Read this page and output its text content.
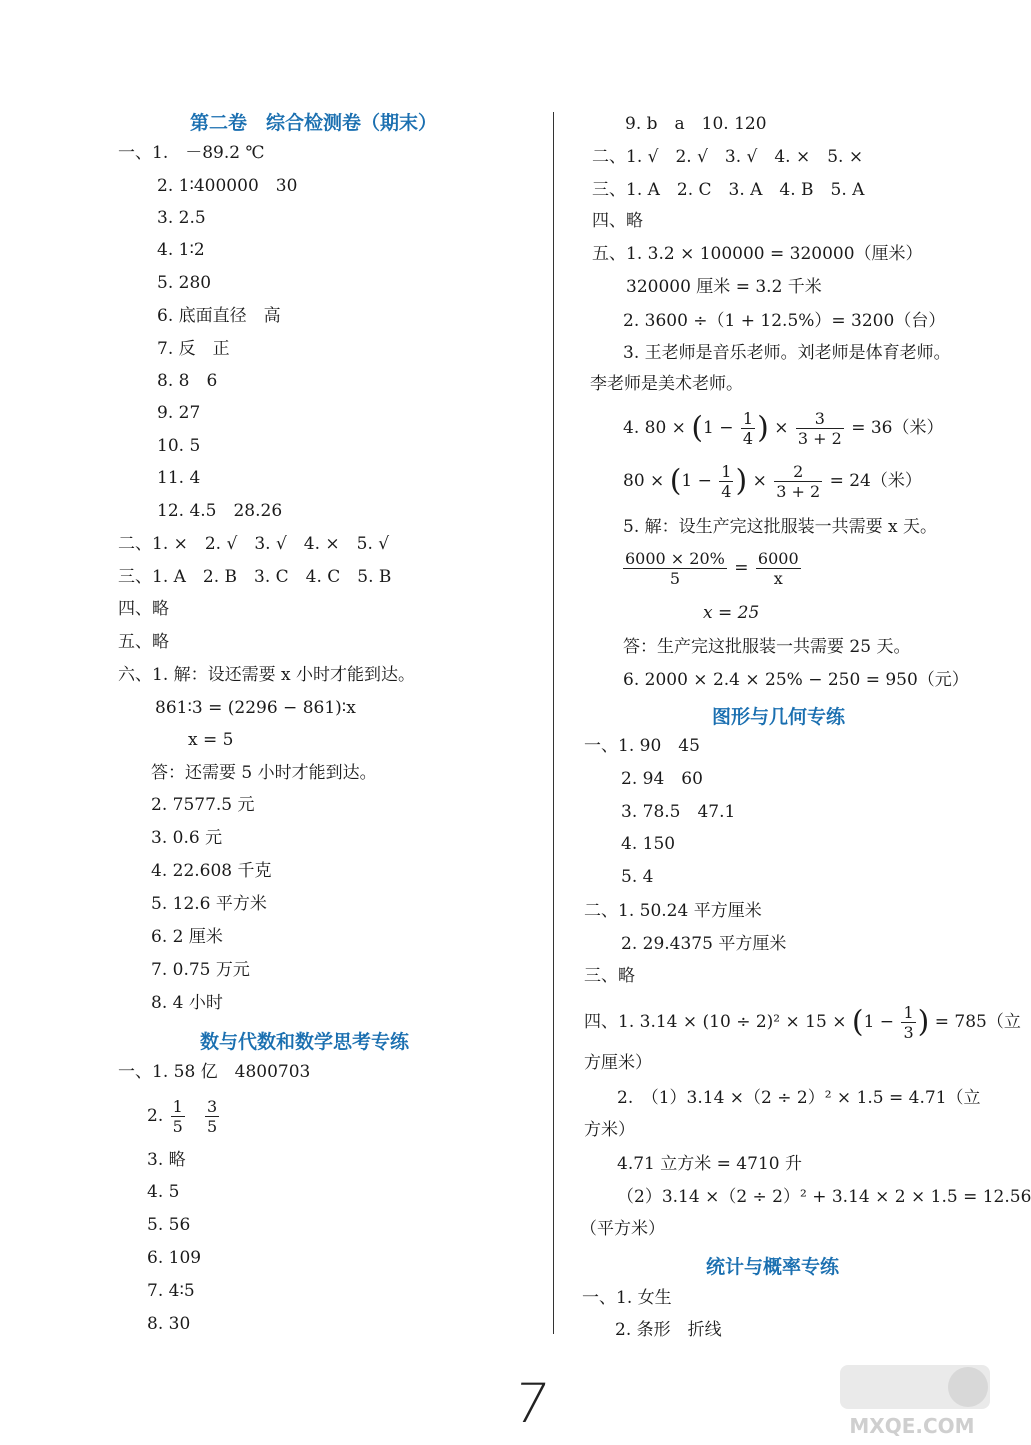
第二卷　综合检测卷（期末）
一、1.　－89.2 ℃
2. 1∶400000　30
3. 2.5
4. 1∶2
5. 280
6. 底面直径　高
7. 反　正
8. 8　6
9. 27
10. 5
11. 4
12. 4.5　28.26
二、1. ×　2. √　3. √　4. ×　5. √
三、1. A　2. B　3. C　4. C　5. B
四、略
五、略
六、1. 解：设还需要 x 小时才能到达。
861∶3 = (2296 − 861)∶x
x = 5
答：还需要 5 小时才能到达。
2. 7577.5 元
3. 0.6 元
4. 22.608 千克
5. 12.6 平方米
6. 2 厘米
7. 0.75 万元
8. 4 小时
数与代数和数学思考专练
一、1. 58 亿　4800703
2. $\frac{1}{5}$
$\frac{3}{5}$
3. 略
4. 5
5. 56
6. 109
7. 4∶5
8. 30
9. b　a　10. 120
二、1. √　2. √　3. √　4. ×　5. ×
三、1. A　2. C　3. A　4. B　5. A
四、略
五、1. 3.2 × 100000 = 320000（厘米）
320000 厘米 = 3.2 千米
2. 3600 ÷（1 + 12.5%）= 3200（台）
3. 王老师是音乐老师。刘老师是体育老师。
李老师是美术老师。
4. $80 \times (1 - \frac{1}{4}$ ) × $\frac{3}{3 + 2} = 36$（米）
$80 \times (1 - \frac{1}{4}$ ) × $\frac{2}{3 + 2} = 24$（米）
5. 解：设生产完这批服装一共需要 x 天。
$\frac{6000 \times 20\%}{5} = \frac{6000}{x}$
x = 25
答：生产完这批服装一共需要 25 天。
6. 2000 × 2.4 × 25% − 250 = 950（元）
图形与几何专练
一、1. 90　45
2. 94　60
3. 78.5　47.1
4. 150
5. 4
二、1. 50.24 平方厘米
2. 29.4375 平方厘米
三、略
四、1. $3.14 \times (10 \div 2)^2 \times 15 \times (1 - \frac{1}{3}$ ) = 785（立
方厘米）
2.　（1）3.14 ×（2 ÷ 2）² × 1.5 = 4.71（立
方米）
4.71 立方米 = 4710 升
（2）3.14 ×（2 ÷ 2）² + 3.14 × 2 × 1.5 = 12.56
（平方米）
统计与概率专练
一、1. 女生
2. 条形　折线
7	MXQE.COM
